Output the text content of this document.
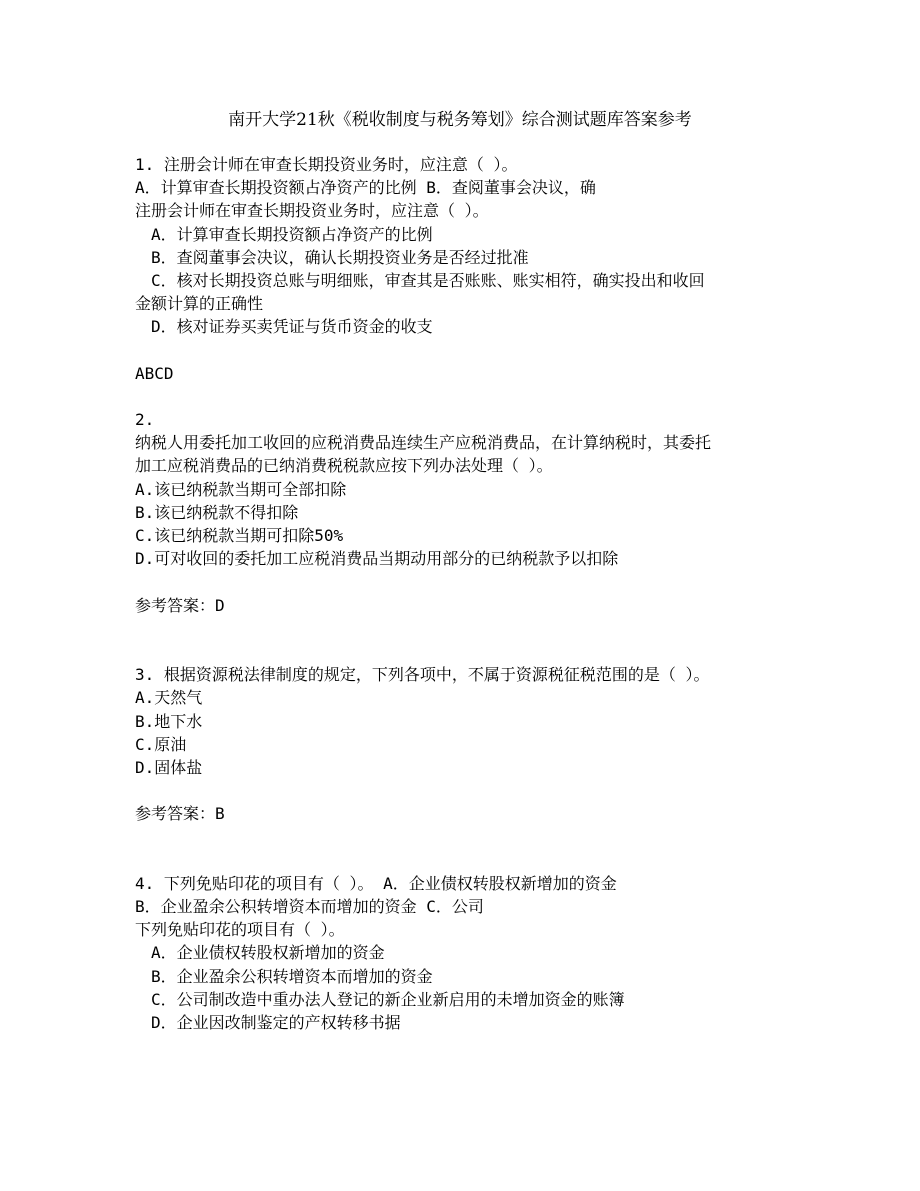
南开大学21秋《税收制度与税务筹划》综合测试题库答案参考
1. 注册会计师在审查长期投资业务时，应注意（ ）。
A．计算审查长期投资额占净资产的比例 B．查阅董事会决议，确
注册会计师在审查长期投资业务时，应注意（ ）。
A．计算审查长期投资额占净资产的比例
B．查阅董事会决议，确认长期投资业务是否经过批准
C．核对长期投资总账与明细账，审查其是否账账、账实相符，确实投出和收回
金额计算的正确性
D．核对证券买卖凭证与货币资金的收支
ABCD
2.
纳税人用委托加工收回的应税消费品连续生产应税消费品，在计算纳税时，其委托
加工应税消费品的已纳消费税税款应按下列办法处理（ ）。
A.该已纳税款当期可全部扣除
B.该已纳税款不得扣除
C.该已纳税款当期可扣除50%
D.可对收回的委托加工应税消费品当期动用部分的已纳税款予以扣除
参考答案：D
3. 根据资源税法律制度的规定，下列各项中，不属于资源税征税范围的是（ ）。
A.天然气
B.地下水
C.原油
D.固体盐
参考答案：B
4. 下列免贴印花的项目有（ ）。 A．企业债权转股权新增加的资金
B．企业盈余公积转增资本而增加的资金 C．公司
下列免贴印花的项目有（ ）。
A．企业债权转股权新增加的资金
B．企业盈余公积转增资本而增加的资金
C．公司制改造中重办法人登记的新企业新启用的未增加资金的账簿
D．企业因改制鉴定的产权转移书据
